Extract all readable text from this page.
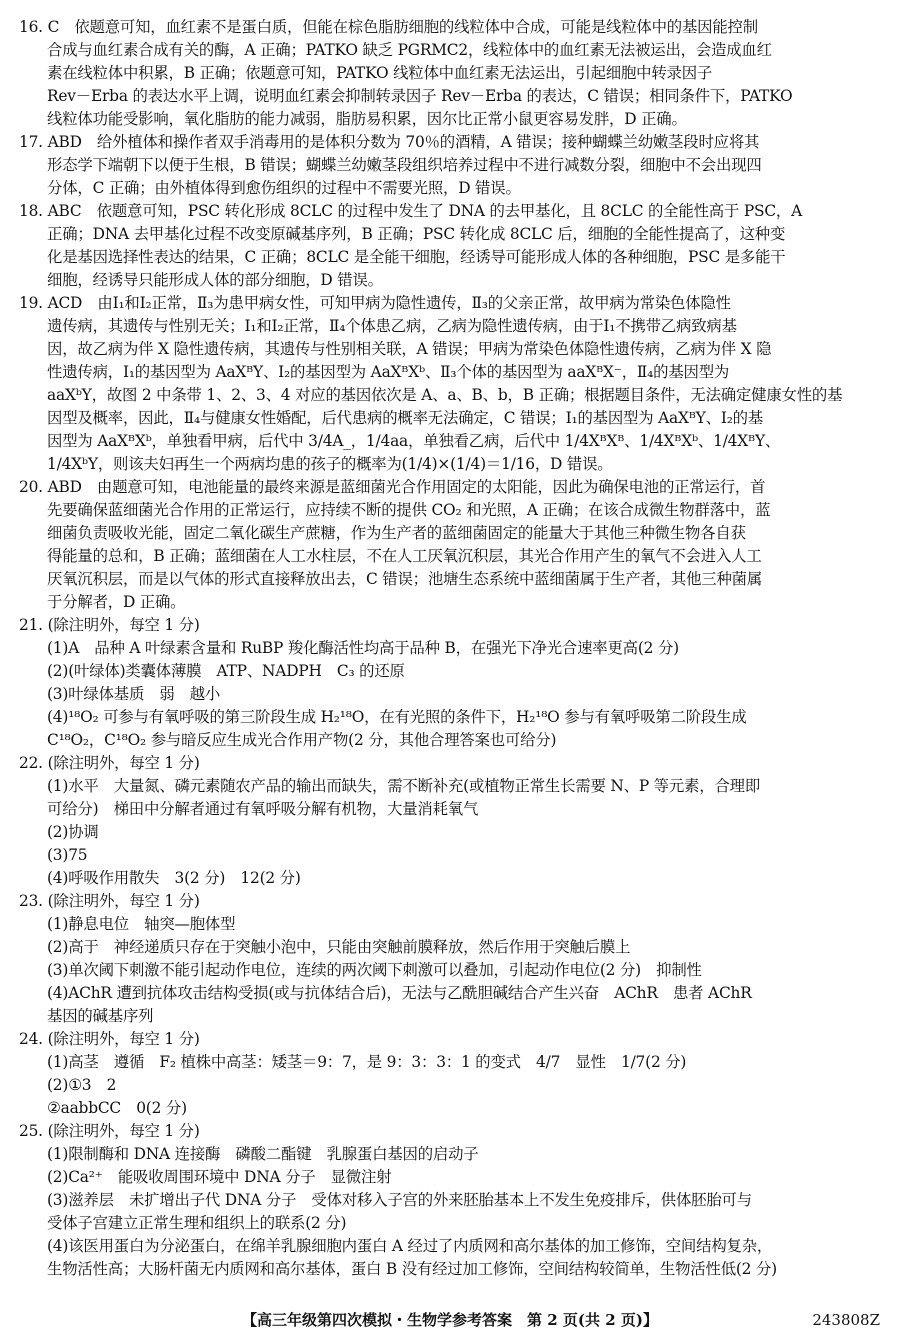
16. C　依题意可知，血红素不是蛋白质，但能在棕色脂肪细胞的线粒体中合成，可能是线粒体中的基因能控制
合成与血红素合成有关的酶，A 正确；PATKO 缺乏 PGRMC2，线粒体中的血红素无法被运出，会造成血红
素在线粒体中积累，B 正确；依题意可知，PATKO 线粒体中血红素无法运出，引起细胞中转录因子
Rev－Erba 的表达水平上调，说明血红素会抑制转录因子 Rev－Erba 的表达，C 错误；相同条件下，PATKO
线粒体功能受影响，氧化脂肪的能力减弱，脂肪易积累，因尔比正常小鼠更容易发胖，D 正确。
17. ABD　给外植体和操作者双手消毒用的是体积分数为 70％的酒精，A 错误；接种蝴蝶兰幼嫩茎段时应将其
形态学下端朝下以便于生根，B 错误；蝴蝶兰幼嫩茎段组织培养过程中不进行减数分裂，细胞中不会出现四
分体，C 正确；由外植体得到愈伤组织的过程中不需要光照，D 错误。
18. ABC　依题意可知，PSC 转化形成 8CLC 的过程中发生了 DNA 的去甲基化，且 8CLC 的全能性高于 PSC，A
正确；DNA 去甲基化过程不改变原碱基序列，B 正确；PSC 转化成 8CLC 后，细胞的全能性提高了，这种变
化是基因选择性表达的结果，C 正确；8CLC 是全能干细胞，经诱导可能形成人体的各种细胞，PSC 是多能干
细胞，经诱导只能形成人体的部分细胞，D 错误。
19. ACD　由Ⅰ₁和Ⅰ₂正常，Ⅱ₃为患甲病女性，可知甲病为隐性遗传，Ⅱ₃的父亲正常，故甲病为常染色体隐性
遗传病，其遗传与性别无关；Ⅰ₁和Ⅰ₂正常，Ⅱ₄个体患乙病，乙病为隐性遗传病，由于Ⅰ₁不携带乙病致病基
因，故乙病为伴 X 隐性遗传病，其遗传与性别相关联，A 错误；甲病为常染色体隐性遗传病，乙病为伴 X 隐
性遗传病，Ⅰ₁的基因型为 AaXᴮY、Ⅰ₂的基因型为 AaXᴮXᵇ、Ⅱ₃个体的基因型为 aaXᴮX⁻，Ⅱ₄的基因型为
aaXᵇY，故图 2 中条带 1、2、3、4 对应的基因依次是 A、a、B、b，B 正确；根据题目条件，无法确定健康女性的基
因型及概率，因此，Ⅱ₄与健康女性婚配，后代患病的概率无法确定，C 错误；Ⅰ₁的基因型为 AaXᴮY、Ⅰ₂的基
因型为 AaXᴮXᵇ，单独看甲病，后代中 3/4A_，1/4aa，单独看乙病，后代中 1/4XᴮXᴮ、1/4XᴮXᵇ、1/4XᴮY、
1/4XᵇY，则该夫妇再生一个两病均患的孩子的概率为(1/4)×(1/4)＝1/16，D 错误。
20. ABD　由题意可知，电池能量的最终来源是蓝细菌光合作用固定的太阳能，因此为确保电池的正常运行，首
先要确保蓝细菌光合作用的正常运行，应持续不断的提供 CO₂ 和光照，A 正确；在该合成微生物群落中，蓝
细菌负责吸收光能，固定二氧化碳生产蔗糖，作为生产者的蓝细菌固定的能量大于其他三种微生物各自获
得能量的总和，B 正确；蓝细菌在人工水柱层，不在人工厌氧沉积层，其光合作用产生的氧气不会进入人工
厌氧沉积层，而是以气体的形式直接释放出去，C 错误；池塘生态系统中蓝细菌属于生产者，其他三种菌属
于分解者，D 正确。
21. (除注明外，每空 1 分)
(1)A　品种 A 叶绿素含量和 RuBP 羧化酶活性均高于品种 B，在强光下净光合速率更高(2 分)
(2)(叶绿体)类囊体薄膜　ATP、NADPH　C₃ 的还原
(3)叶绿体基质　弱　越小
(4)¹⁸O₂ 可参与有氧呼吸的第三阶段生成 H₂¹⁸O，在有光照的条件下，H₂¹⁸O 参与有氧呼吸第二阶段生成
C¹⁸O₂，C¹⁸O₂ 参与暗反应生成光合作用产物(2 分，其他合理答案也可给分)
22. (除注明外，每空 1 分)
(1)水平　大量氮、磷元素随农产品的输出而缺失，需不断补充(或植物正常生长需要 N、P 等元素，合理即
可给分)　梯田中分解者通过有氧呼吸分解有机物，大量消耗氧气
(2)协调
(3)75
(4)呼吸作用散失　3(2 分)　12(2 分)
23. (除注明外，每空 1 分)
(1)静息电位　轴突—胞体型
(2)高于　神经递质只存在于突触小泡中，只能由突触前膜释放，然后作用于突触后膜上
(3)单次阈下刺激不能引起动作电位，连续的两次阈下刺激可以叠加，引起动作电位(2 分)　抑制性
(4)AChR 遭到抗体攻击结构受损(或与抗体结合后)，无法与乙酰胆碱结合产生兴奋　AChR　患者 AChR
基因的碱基序列
24. (除注明外，每空 1 分)
(1)高茎　遵循　F₂ 植株中高茎：矮茎＝9：7，是 9：3：3：1 的变式　4/7　显性　1/7(2 分)
(2)①3　2
②aabbCC　0(2 分)
25. (除注明外，每空 1 分)
(1)限制酶和 DNA 连接酶　磷酸二酯键　乳腺蛋白基因的启动子
(2)Ca²⁺　能吸收周围环境中 DNA 分子　显微注射
(3)滋养层　未扩增出子代 DNA 分子　受体对移入子宫的外来胚胎基本上不发生免疫排斥，供体胚胎可与
受体子宫建立正常生理和组织上的联系(2 分)
(4)该医用蛋白为分泌蛋白，在绵羊乳腺细胞内蛋白 A 经过了内质网和高尔基体的加工修饰，空间结构复杂，
生物活性高；大肠杆菌无内质网和高尔基体，蛋白 B 没有经过加工修饰，空间结构较简单，生物活性低(2 分)
【高三年级第四次模拟・生物学参考答案　第 2 页(共 2 页)】	243808Z
